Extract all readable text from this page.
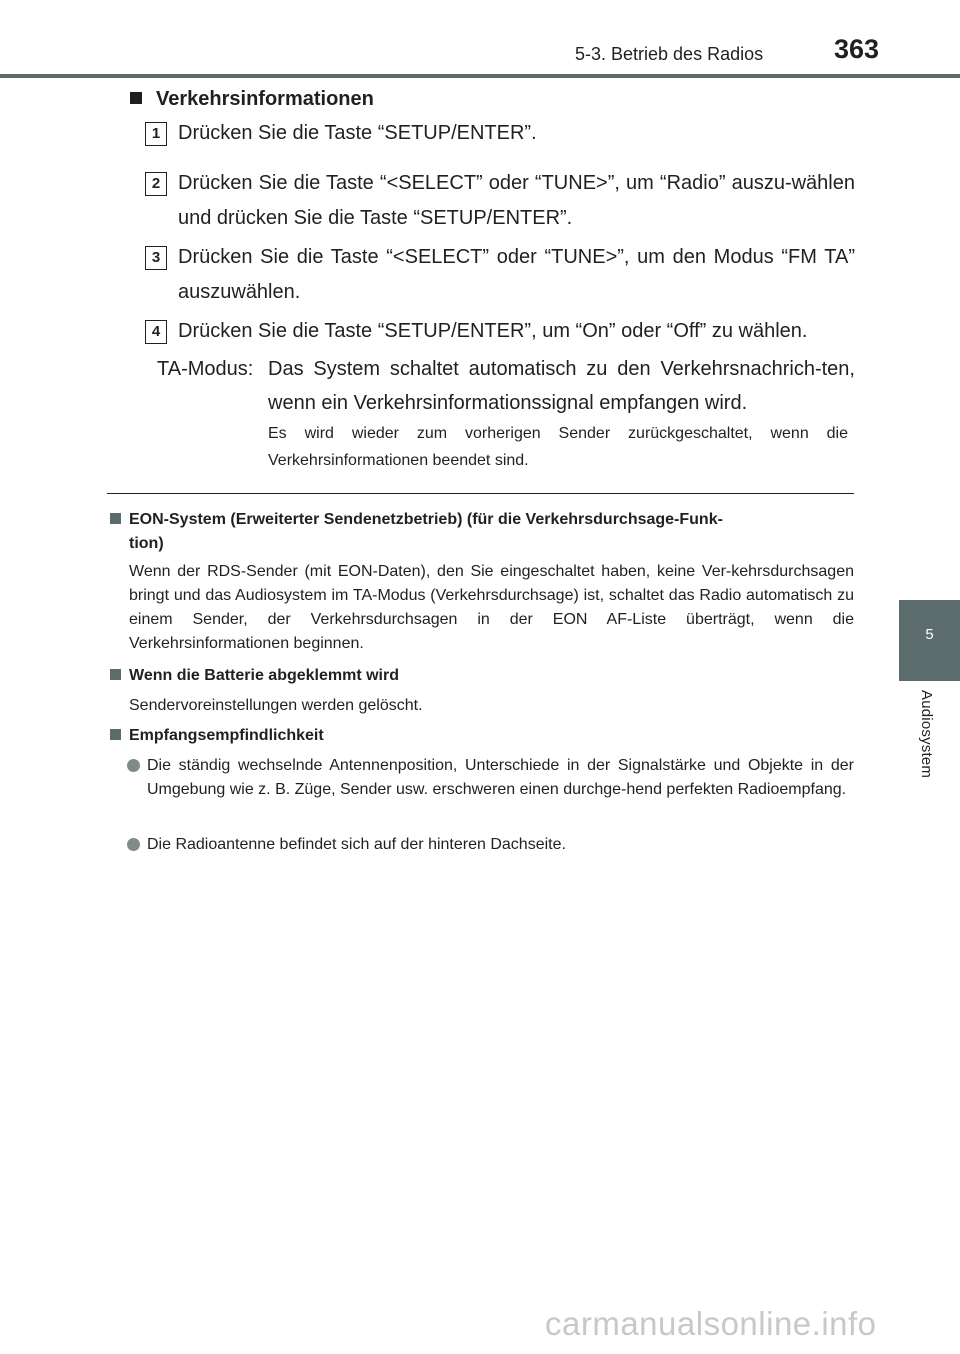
5-3. Betrieb des Radios	363
5
Audiosystem
Verkehrsinformationen
1 Drücken Sie die Taste “SETUP/ENTER”.
2 Drücken Sie die Taste “<SELECT” oder “TUNE>”, um “Radio” auszu-wählen und drücken Sie die Taste “SETUP/ENTER”.
3 Drücken Sie die Taste “<SELECT” oder “TUNE>”, um den Modus “FM TA” auszuwählen.
4 Drücken Sie die Taste “SETUP/ENTER”, um “On” oder “Off” zu wählen.
TA-Modus: Das System schaltet automatisch zu den Verkehrsnachrich-ten, wenn ein Verkehrsinformationssignal empfangen wird.
Es wird wieder zum vorherigen Sender zurückgeschaltet, wenn die Verkehrsinformationen beendet sind.
EON-System (Erweiterter Sendenetzbetrieb) (für die Verkehrsdurchsage-Funk-
tion)
Wenn der RDS-Sender (mit EON-Daten), den Sie eingeschaltet haben, keine Ver-kehrsdurchsagen bringt und das Audiosystem im TA-Modus (Verkehrsdurchsage) ist, schaltet das Radio automatisch zu einem Sender, der Verkehrsdurchsagen in der EON AF-Liste überträgt, wenn die Verkehrsinformationen beginnen.
Wenn die Batterie abgeklemmt wird
Sendervoreinstellungen werden gelöscht.
Empfangsempfindlichkeit
Die ständig wechselnde Antennenposition, Unterschiede in der Signalstärke und Objekte in der Umgebung wie z. B. Züge, Sender usw. erschweren einen durchge-hend perfekten Radioempfang.
Die Radioantenne befindet sich auf der hinteren Dachseite.
carmanualsonline.info
